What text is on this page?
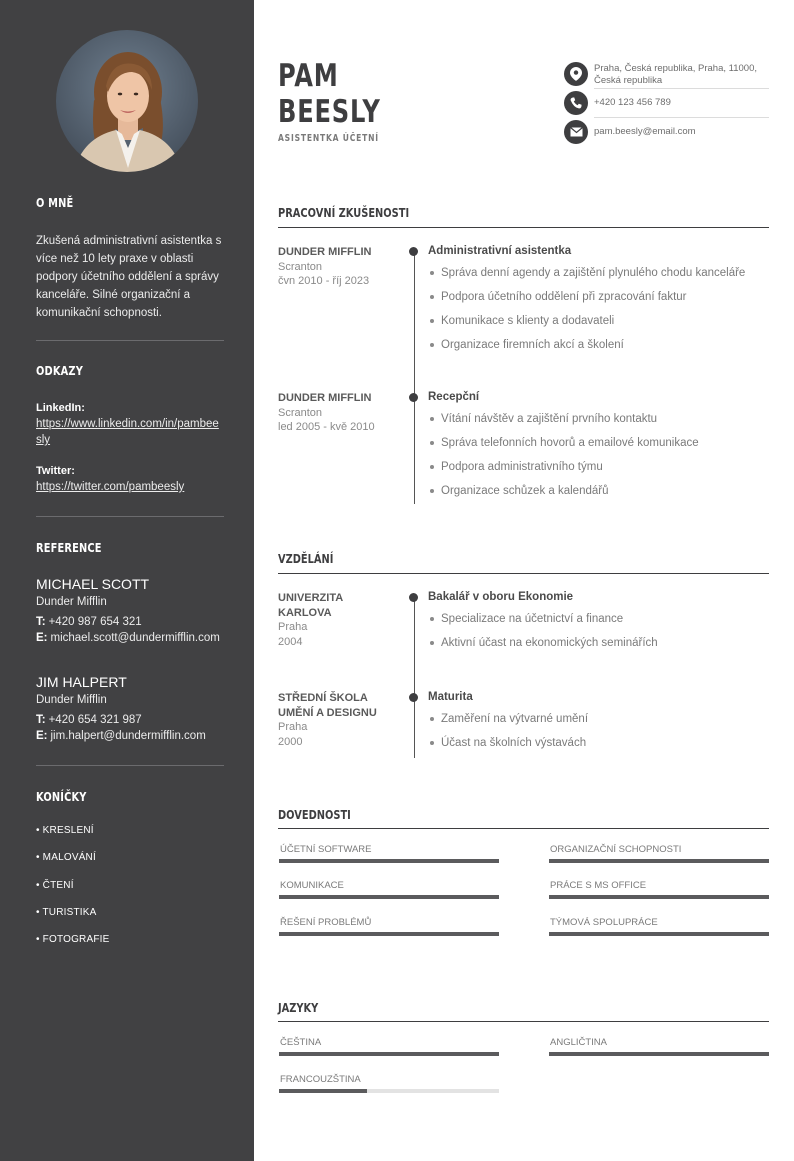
O MNĚ
Zkušená administrativní asistentka s více než 10 lety praxe v oblasti podpory účetního oddělení a správy kanceláře. Silné organizační a komunikační schopnosti.
ODKAZY
LinkedIn:
https://www.linkedin.com/in/pambeesly
Twitter:
https://twitter.com/pambeesly
REFERENCE
MICHAEL SCOTT
Dunder Mifflin
T: +420 987 654 321
E: michael.scott@dundermifflin.com
JIM HALPERT
Dunder Mifflin
T: +420 654 321 987
E: jim.halpert@dundermifflin.com
KONÍČKY
• KRESLENÍ
• MALOVÁNÍ
• ČTENÍ
• TURISTIKA
• FOTOGRAFIE
PAM
BEESLY
ASISTENTKA ÚČETNÍ
Praha, Česká republika, Praha, 11000, Česká republika
+420 123 456 789
pam.beesly@email.com
PRACOVNÍ ZKUŠENOSTI
DUNDER MIFFLIN
Scranton
čvn 2010 - říj 2023
Administrativní asistentka
Správa denní agendy a zajištění plynulého chodu kanceláře
Podpora účetního oddělení při zpracování faktur
Komunikace s klienty a dodavateli
Organizace firemních akcí a školení
DUNDER MIFFLIN
Scranton
led 2005 - kvě 2010
Recepční
Vítání návštěv a zajištění prvního kontaktu
Správa telefonních hovorů a emailové komunikace
Podpora administrativního týmu
Organizace schůzek a kalendářů
VZDĚLÁNÍ
UNIVERZITA KARLOVA
Praha
2004
Bakalář v oboru Ekonomie
Specializace na účetnictví a finance
Aktivní účast na ekonomických seminářích
STŘEDNÍ ŠKOLA UMĚNÍ A DESIGNU
Praha
2000
Maturita
Zaměření na výtvarné umění
Účast na školních výstavách
DOVEDNOSTI
ÚČETNÍ SOFTWARE	ORGANIZAČNÍ SCHOPNOSTI
KOMUNIKACE	PRÁCE S MS OFFICE
ŘEŠENÍ PROBLÉMŮ	TÝMOVÁ SPOLUPRÁCE
JAZYKY
ČEŠTINA	ANGLIČTINA
FRANCOUZŠTINA
